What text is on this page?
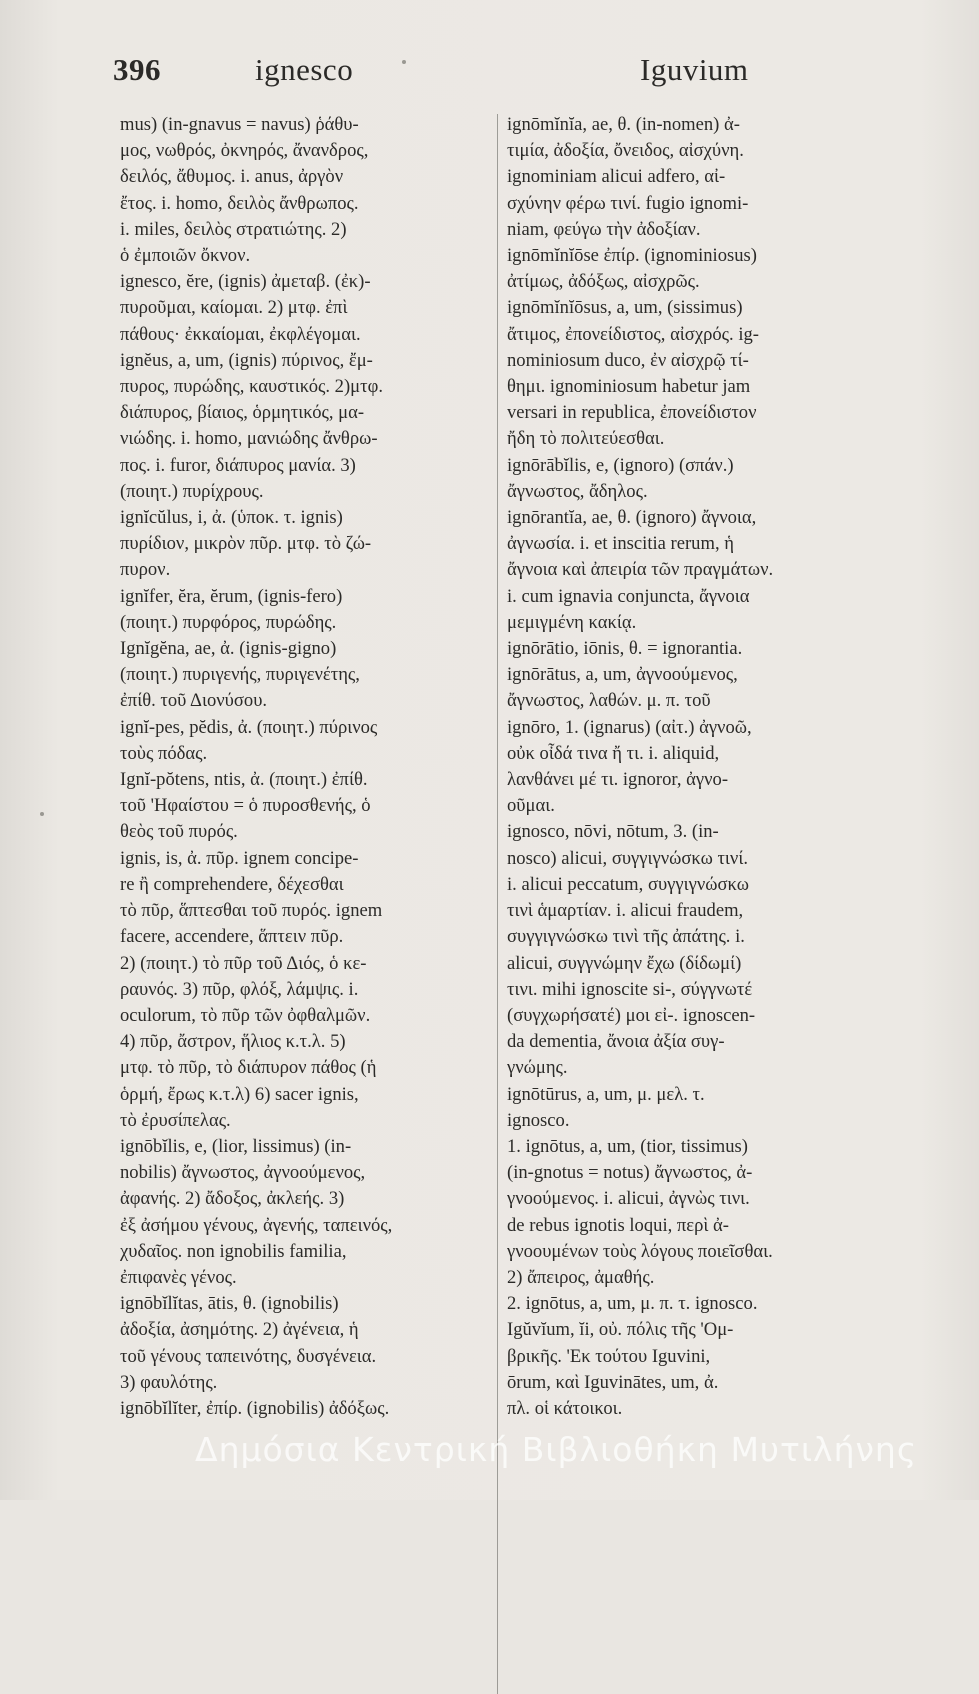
396	ignesco	Iguvium
mus) (in-gnavus = navus) ῥάθυ-
μος, νωθρός, ὀκνηρός, ἄνανδρος,
δειλός, ἄθυμος. i. anus, ἀργὸν
ἔτος. i. homo, δειλὸς ἄνθρωπος.
i. miles, δειλὸς στρατιώτης. 2)
ὁ ἐμποιῶν ὄκνον.
ignesco, ĕre, (ignis) ἀμεταβ. (ἐκ)-
πυροῦμαι, καίομαι. 2) μτφ. ἐπὶ
πάθους· ἐκκαίομαι, ἐκφλέγομαι.
ignĕus, a, um, (ignis) πύρινος, ἔμ-
πυρος, πυρώδης, καυστικός. 2)μτφ.
διάπυρος, βίαιος, ὁρμητικός, μα-
νιώδης. i. homo, μανιώδης ἄνθρω-
πος. i. furor, διάπυρος μανία. 3)
(ποιητ.) πυρίχρους.
ignĭcŭlus, i, ἀ. (ὑποκ. τ. ignis)
πυρίδιον, μικρὸν πῦρ. μτφ. τὸ ζώ-
πυρον.
ignĭfer, ĕra, ĕrum, (ignis-fero)
(ποιητ.) πυρφόρος, πυρώδης.
Ignĭgĕna, ae, ἀ. (ignis-gigno)
(ποιητ.) πυριγενής, πυριγενέτης,
ἐπίθ. τοῦ Διονύσου.
ignĭ-pes, pĕdis, ἀ. (ποιητ.) πύρινος
τοὺς πόδας.
Ignĭ-pŏtens, ntis, ἀ. (ποιητ.) ἐπίθ.
τοῦ 'Ηφαίστου = ὁ πυροσθενής, ὁ
θεὸς τοῦ πυρός.
ignis, is, ἀ. πῦρ. ignem concipe-
re ἢ comprehendere, δέχεσθαι
τὸ πῦρ, ἅπτεσθαι τοῦ πυρός. ignem
facere, accendere, ἅπτειν πῦρ.
2) (ποιητ.) τὸ πῦρ τοῦ Διός, ὁ κε-
ραυνός. 3) πῦρ, φλόξ, λάμψις. i.
oculorum, τὸ πῦρ τῶν ὀφθαλμῶν.
4) πῦρ, ἄστρον, ἥλιος κ.τ.λ. 5)
μτφ. τὸ πῦρ, τὸ διάπυρον πάθος (ἡ
ὁρμή, ἔρως κ.τ.λ) 6) sacer ignis,
τὸ ἐρυσίπελας.
ignōbĭlis, e, (lior, lissimus) (in-
nobilis) ἄγνωστος, ἀγνοούμενος,
ἀφανής. 2) ἄδοξος, ἀκλεής. 3)
ἐξ ἀσήμου γένους, ἀγενής, ταπεινός,
χυδαῖος. non ignobilis familia,
ἐπιφανὲς γένος.
ignōbĭlĭtas, ātis, θ. (ignobilis)
ἀδοξία, ἀσημότης. 2) ἀγένεια, ἡ
τοῦ γένους ταπεινότης, δυσγένεια.
3) φαυλότης.
ignōbĭlĭter, ἐπίρ. (ignobilis) ἀδόξως.
ignōmĭnĭa, ae, θ. (in-nomen) ἀ-
τιμία, ἀδοξία, ὄνειδος, αἰσχύνη.
ignominiam alicui adfero, αἰ-
σχύνην φέρω τινί. fugio ignomi-
niam, φεύγω τὴν ἀδοξίαν.
ignōmĭnĭōse ἐπίρ. (ignominiosus)
ἀτίμως, ἀδόξως, αἰσχρῶς.
ignōmĭnĭōsus, a, um, (sissimus)
ἄτιμος, ἐπονείδιστος, αἰσχρός. ig-
nominiosum duco, ἐν αἰσχρῷ τί-
θημι. ignominiosum habetur jam
versari in republica, ἐπονείδιστον
ἤδη τὸ πολιτεύεσθαι.
ignōrābĭlis, e, (ignoro) (σπάν.)
ἄγνωστος, ἄδηλος.
ignōrantĭa, ae, θ. (ignoro) ἄγνοια,
ἀγνωσία. i. et inscitia rerum, ἡ
ἄγνοια καὶ ἀπειρία τῶν πραγμάτων.
i. cum ignavia conjuncta, ἄγνοια
μεμιγμένη κακίᾳ.
ignōrātio, iōnis, θ. = ignorantia.
ignōrātus, a, um, ἀγνοούμενος,
ἄγνωστος, λαθών. μ. π. τοῦ
ignōro, 1. (ignarus) (αἰτ.) ἀγνοῶ,
οὐκ οἶδά τινα ἤ τι. i. aliquid,
λανθάνει μέ τι. ignoror, ἀγνο-
οῦμαι.
ignosco, nōvi, nōtum, 3. (in-
nosco) alicui, συγγιγνώσκω τινί.
i. alicui peccatum, συγγιγνώσκω
τινὶ ἁμαρτίαν. i. alicui fraudem,
συγγιγνώσκω τινὶ τῆς ἀπάτης. i.
alicui, συγγνώμην ἔχω (δίδωμί)
τινι. mihi ignoscite si-, σύγγνωτέ
(συγχωρήσατέ) μοι εἰ-. ignoscen-
da dementia, ἄνοια ἀξία συγ-
γνώμης.
ignōtūrus, a, um, μ. μελ. τ.
ignosco.
1. ignōtus, a, um, (tior, tissimus)
(in-gnotus = notus) ἄγνωστος, ἀ-
γνοούμενος. i. alicui, ἀγνὼς τινι.
de rebus ignotis loqui, περὶ ἀ-
γνοουμένων τοὺς λόγους ποιεῖσθαι.
2) ἄπειρος, ἀμαθής.
2. ignōtus, a, um, μ. π. τ. ignosco.
Igŭvĭum, ĭi, οὐ. πόλις τῆς 'Ομ-
βρικῆς. 'Εκ τούτου Iguvini,
ōrum, καὶ Iguvinātes, um, ἀ.
πλ. οἱ κάτοικοι.
Δημόσια Κεντρική Βιβλιοθήκη Μυτιλήνης
